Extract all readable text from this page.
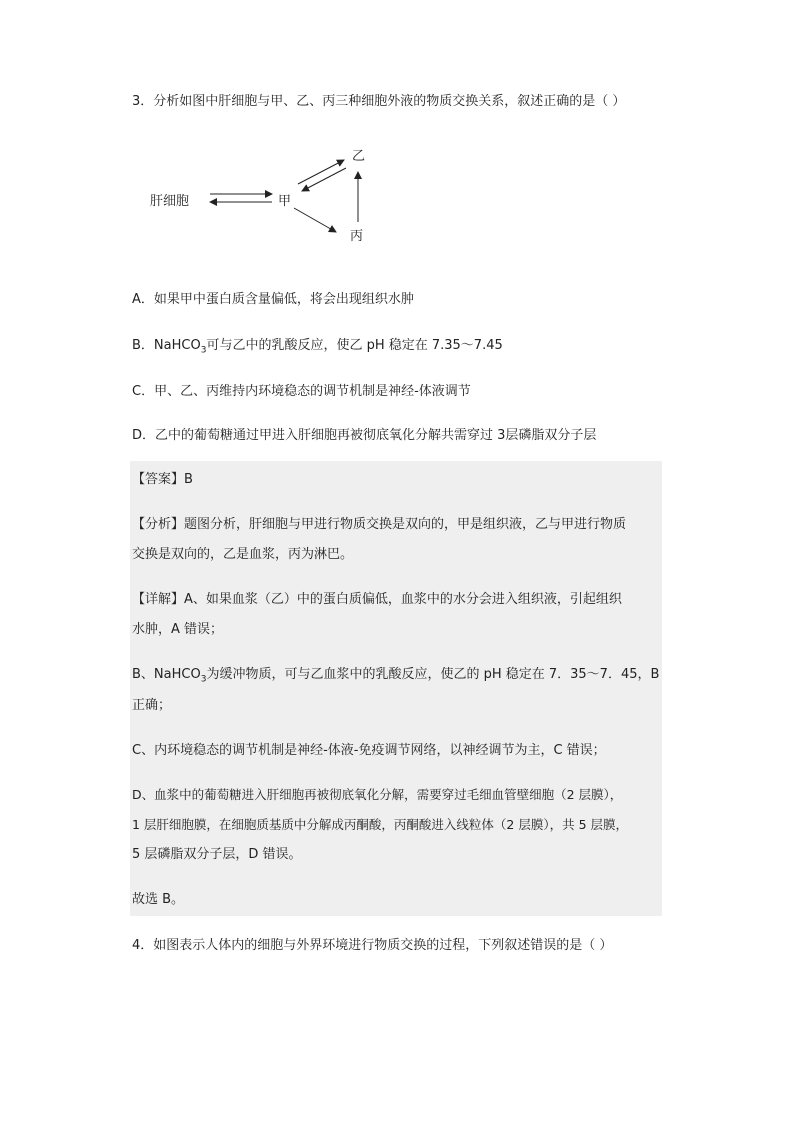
3．分析如图中肝细胞与甲、乙、丙三种细胞外液的物质交换关系，叙述正确的是（ ）
肝细胞	甲
乙
丙
A．如果甲中蛋白质含量偏低，将会出现组织水肿
B．NaHCO$_3$可与乙中的乳酸反应，使乙 pH 稳定在 7.35～7.45
C．甲、乙、丙维持内环境稳态的调节机制是神经-体液调节
D．乙中的葡萄糖通过甲进入肝细胞再被彻底氧化分解共需穿过 3层磷脂双分子层
【答案】B
【分析】题图分析，肝细胞与甲进行物质交换是双向的，甲是组织液，乙与甲进行物质
交换是双向的，乙是血浆，丙为淋巴。
【详解】A、如果血浆（乙）中的蛋白质偏低，血浆中的水分会进入组织液，引起组织
水肿，A 错误；
B、NaHCO$_3$为缓冲物质，可与乙血浆中的乳酸反应，使乙的 pH 稳定在 7．35～7．45，B
正确；
C、内环境稳态的调节机制是神经-体液-免疫调节网络，以神经调节为主，C 错误；
D、血浆中的葡萄糖进入肝细胞再被彻底氧化分解，需要穿过毛细血管壁细胞（2 层膜），
1 层肝细胞膜，在细胞质基质中分解成丙酮酸，丙酮酸进入线粒体（2 层膜），共 5 层膜，
5 层磷脂双分子层，D 错误。
故选 B。
4．如图表示人体内的细胞与外界环境进行物质交换的过程，下列叙述错误的是（ ）
